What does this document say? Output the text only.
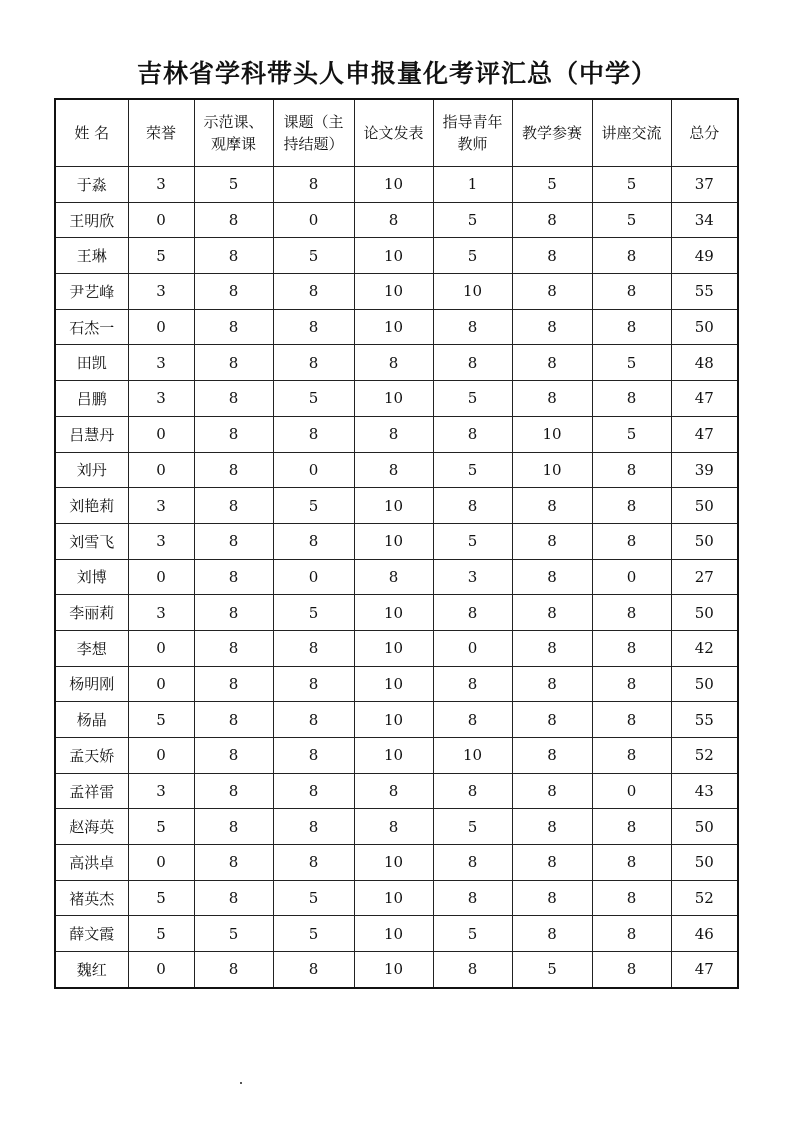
吉林省学科带头人申报量化考评汇总（中学）
姓 名	荣誉	示范课、观摩课	课题（主持结题）	论文发表	指导青年教师	教学参赛	讲座交流	总分
于淼	3	5	8	10	1	5	5	37
王明欣	0	8	0	8	5	8	5	34
王琳	5	8	5	10	5	8	8	49
尹艺峰	3	8	8	10	10	8	8	55
石杰一	0	8	8	10	8	8	8	50
田凯	3	8	8	8	8	8	5	48
吕鹏	3	8	5	10	5	8	8	47
吕慧丹	0	8	8	8	8	10	5	47
刘丹	0	8	0	8	5	10	8	39
刘艳莉	3	8	5	10	8	8	8	50
刘雪飞	3	8	8	10	5	8	8	50
刘博	0	8	0	8	3	8	0	27
李丽莉	3	8	5	10	8	8	8	50
李想	0	8	8	10	0	8	8	42
杨明刚	0	8	8	10	8	8	8	50
杨晶	5	8	8	10	8	8	8	55
孟天娇	0	8	8	10	10	8	8	52
孟祥雷	3	8	8	8	8	8	0	43
赵海英	5	8	8	8	5	8	8	50
高洪卓	0	8	8	10	8	8	8	50
褚英杰	5	8	5	10	8	8	8	52
薛文霞	5	5	5	10	5	8	8	46
魏红	0	8	8	10	8	5	8	47
